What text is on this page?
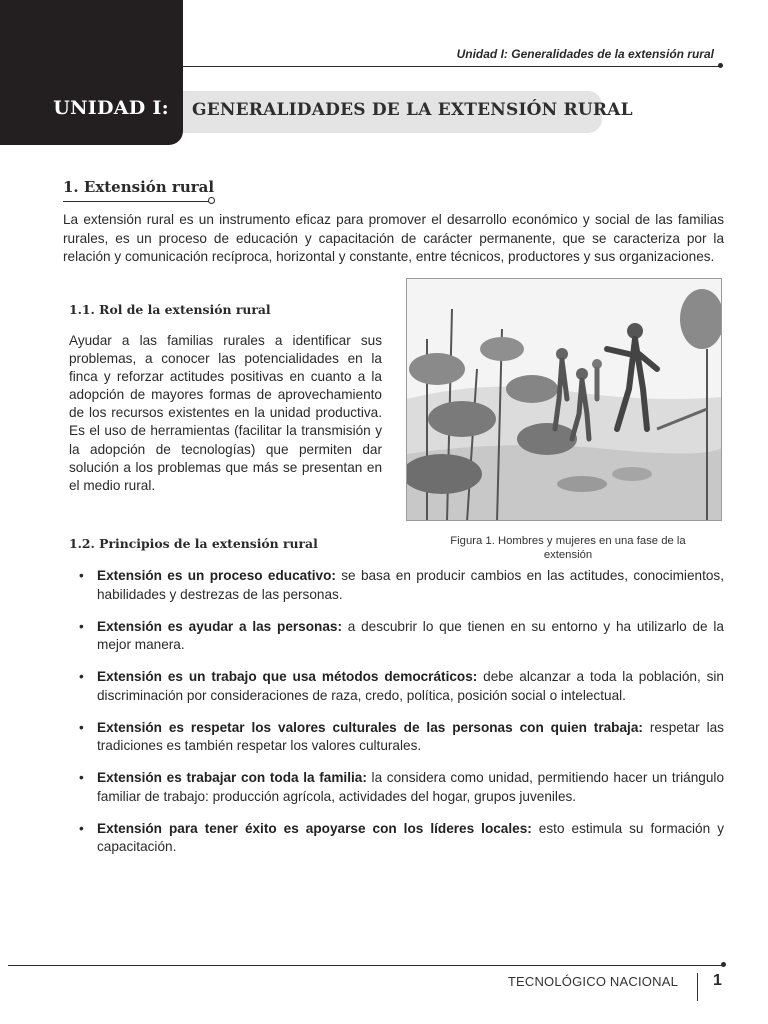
Unidad I: Generalidades de la extensión rural
UNIDAD I:	GENERALIDADES DE LA EXTENSIÓN RURAL
1. Extensión rural

La extensión rural es un instrumento eficaz para promover el desarrollo económico y social de las familias rurales, es un proceso de educación y capacitación de carácter permanente, que se caracteriza por la relación y comunicación recíproca, horizontal y constante, entre técnicos, productores y sus organizaciones.

1.1. Rol de la extensión rural

Ayudar a las familias rurales a identificar sus problemas, a conocer las potencialidades en la finca y reforzar actitudes positivas en cuanto a la adopción de mayores formas de aprovechamiento de los recursos existentes en la unidad productiva. Es el uso de herramientas (facilitar la transmisión y la adopción de tecnologías) que permiten dar solución a los problemas que más se presentan en el medio rural.

Figura 1. Hombres y mujeres en una fase de la extensión
1.2. Principios de la extensión rural
• Extensión es un proceso educativo: se basa en producir cambios en las actitudes, conocimientos, habilidades y destrezas de las personas.
• Extensión es ayudar a las personas: a descubrir lo que tienen en su entorno y ha utilizarlo de la mejor manera.
• Extensión es un trabajo que usa métodos democráticos: debe alcanzar a toda la población, sin discriminación por consideraciones de raza, credo, política, posición social o intelectual.
• Extensión es respetar los valores culturales de las personas con quien trabaja: respetar las tradiciones es también respetar los valores culturales.
• Extensión es trabajar con toda la familia: la considera como unidad, permitiendo hacer un triángulo familiar de trabajo: producción agrícola, actividades del hogar, grupos juveniles.
• Extensión para tener éxito es apoyarse con los líderes locales: esto estimula su formación y capacitación.
TECNOLÓGICO NACIONAL 1
